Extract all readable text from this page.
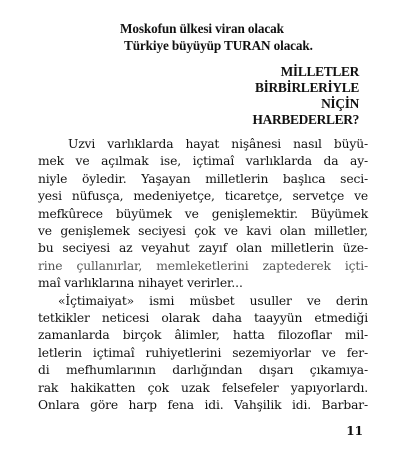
Moskofun ülkesi viran olacak
Türkiye büyüyüp TURAN olacak.
MİLLETLER
BİRBİRLERİYLE
NİÇİN
HARBEDERLER?
Uzvi varlıklarda hayat nişânesi nasıl büyü-
mek ve açılmak ise, içtimaî varlıklarda da ay-
niyle öyledir. Yaşayan milletlerin başlıca seci-
yesi nüfusça, medeniyetçe, ticaretçe, servetçe ve
mefkûrece büyümek ve genişlemektir. Büyümek
ve genişlemek seciyesi çok ve kavi olan milletler,
bu seciyesi az veyahut zayıf olan milletlerin üze-
rine çullanırlar, memleketlerini zaptederek içti-
maî varlıklarına nihayet verirler...
«İçtimaiyat» ismi müsbet usuller ve derin
tetkikler neticesi olarak daha taayyün etmediği
zamanlarda birçok âlimler, hatta filozoflar mil-
letlerin içtimaî ruhiyetlerini sezemiyorlar ve fer-
di mefhumlarının darlığından dışarı çıkamıya-
rak hakikatten çok uzak felsefeler yapıyorlardı.
Onlara göre harp fena idi. Vahşilik idi. Barbar-
11
